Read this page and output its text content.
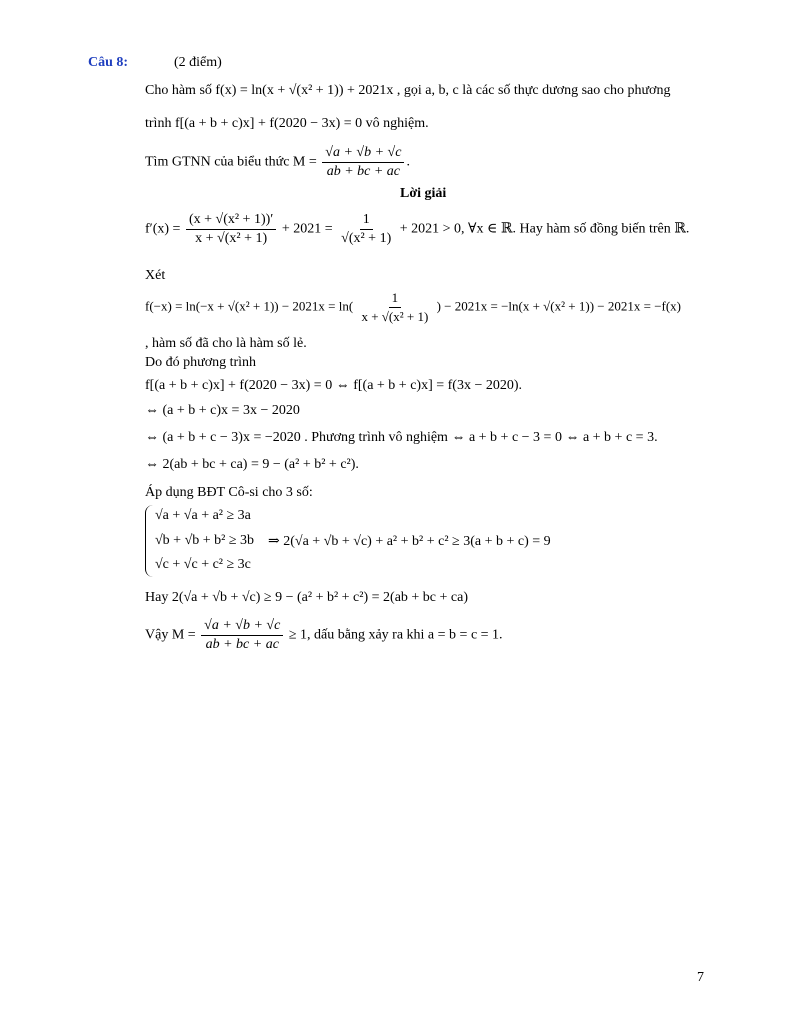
Câu 8:	(2 điểm)
Cho hàm số f(x) = ln(x + √(x² + 1)) + 2021x , gọi a, b, c là các số thực dương sao cho phương
trình f[(a + b + c)x] + f(2020 − 3x) = 0 vô nghiệm.
Tìm GTNN của biểu thức $M = \frac{√a + √b + √c}{ab + bc + ac}$ .
Lời giải
$f'(x) = \frac{\text{(x + √(x² + 1))′}}{\text{x + √(x² + 1)}} + 2021 = \frac{1}{\text{√(x² + 1)}} + 2021 > 0$, ∀x ∈ ℝ. Hay hàm số đồng biến trên ℝ.
Xét
$f(-x) = \ln(-x + √(x^2 + 1)) - 2021x = \ln( \frac{1}{\text{x + √(x² + 1)}}$ ) − 2021x = −ln(x + √(x² + 1)) − 2021x = −f(x)
, hàm số đã cho là hàm số lẻ.
Do đó phương trình
f[(a + b + c)x] + f(2020 − 3x) = 0 ⇔ f[(a + b + c)x] = f(3x − 2020).
⇔ (a + b + c)x = 3x − 2020
⇔ (a + b + c − 3)x = −2020 . Phương trình vô nghiệm ⇔ a + b + c − 3 = 0 ⇔ a + b + c = 3.
⇔ 2(ab + bc + ca) = 9 − (a² + b² + c²).
Áp dụng BĐT Cô-si cho 3 số:
√a + √a + a² ≥ 3a
√b + √b + b² ≥ 3b ⇒ 2(√a + √b + √c) + a² + b² + c² ≥ 3(a + b + c) = 9
√c + √c + c² ≥ 3c
Hay 2(√a + √b + √c) ≥ 9 − (a² + b² + c²) = 2(ab + bc + ca)
Vậy $M = \frac{√a + √b + √c}{ab + bc + ac} \ge 1$, dấu bằng xảy ra khi a = b = c = 1.
7
